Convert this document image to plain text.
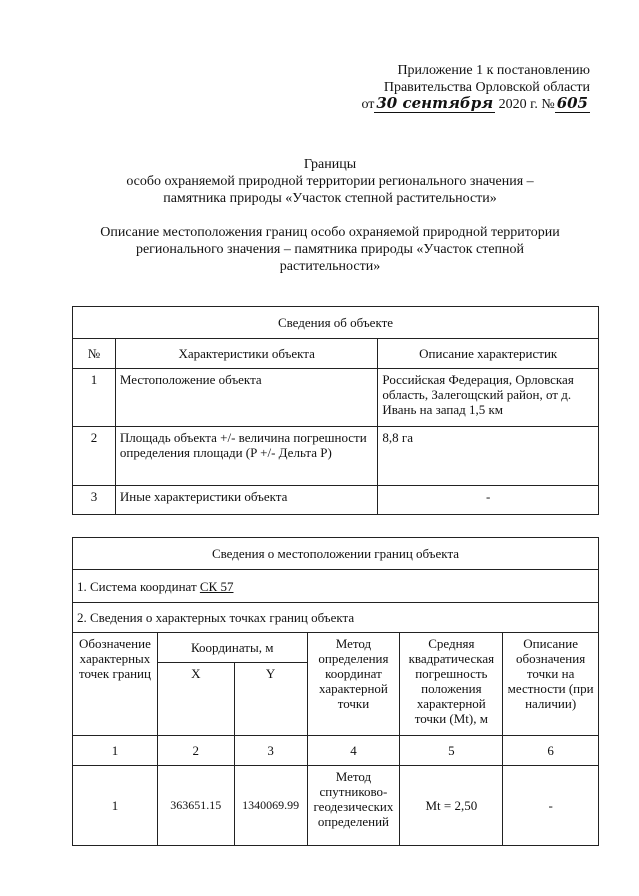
Приложение 1 к постановлению
Правительства Орловской области
от 30 сентября 2020 г. № 605
Границы
особо охраняемой природной территории регионального значения –
памятника природы «Участок степной растительности»
Описание местоположения границ особо охраняемой природной территории
регионального значения – памятника природы «Участок степной
растительности»
Сведения об объекте		
№	Характеристики объекта	Описание характеристик
1	Местоположение объекта	Российская Федерация, Орловская область, Залегощский район, от д. Ивань на запад 1,5 км
2	Площадь объекта +/- величина погрешности определения площади (P +/- Дельта P)	8,8 га
3	Иные характеристики объекта	-
Сведения о местоположении границ объекта					
1. Система координат СК 57					
2. Сведения о характерных точках границ объекта					
Обозначение характерных точек границ	Координаты, м		Метод определения координат характерной точки	Средняя квадратическая погрешность положения характерной точки (Mt), м	Описание обозначения точки на местности (при наличии)
	X	Y			
1	2	3	4	5	6
1	363651.15	1340069.99	Метод спутниково-геодезических определений	Mt = 2,50	-
